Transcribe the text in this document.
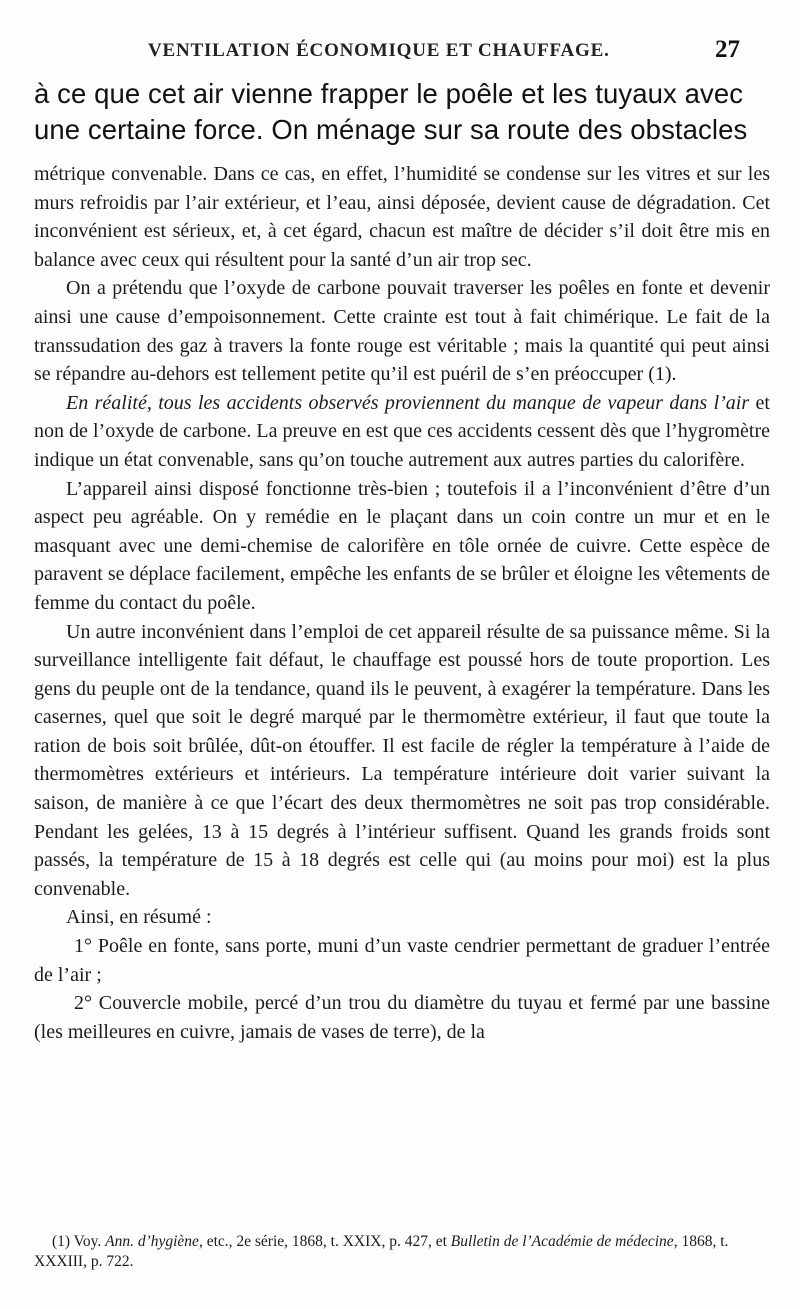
VENTILATION ÉCONOMIQUE ET CHAUFFAGE.	27
à ce que cet air vienne frapper le poêle et les tuyaux avec
une certaine force. On ménage sur sa route des obstacles

métrique convenable. Dans ce cas, en effet, l’humidité se condense sur les vitres et sur les murs refroidis par l’air extérieur, et l’eau, ainsi déposée, devient cause de dégradation. Cet inconvénient est sérieux, et, à cet égard, chacun est maître de décider s’il doit être mis en balance avec ceux qui résultent pour la santé d’un air trop sec.

On a prétendu que l’oxyde de carbone pouvait traverser les poêles en fonte et devenir ainsi une cause d’empoisonnement. Cette crainte est tout à fait chimérique. Le fait de la transsudation des gaz à travers la fonte rouge est véritable ; mais la quantité qui peut ainsi se répandre au-dehors est tellement petite qu’il est puéril de s’en préoccuper (1).

En réalité, tous les accidents observés proviennent du manque de vapeur dans l’air et non de l’oxyde de carbone. La preuve en est que ces accidents cessent dès que l’hygromètre indique un état convenable, sans qu’on touche autrement aux autres parties du calorifère.

L’appareil ainsi disposé fonctionne très-bien ; toutefois il a l’inconvénient d’être d’un aspect peu agréable. On y remédie en le plaçant dans un coin contre un mur et en le masquant avec une demi-chemise de calorifère en tôle ornée de cuivre. Cette espèce de paravent se déplace facilement, empêche les enfants de se brûler et éloigne les vêtements de femme du contact du poêle.

Un autre inconvénient dans l’emploi de cet appareil résulte de sa puissance même. Si la surveillance intelligente fait défaut, le chauffage est poussé hors de toute proportion. Les gens du peuple ont de la tendance, quand ils le peuvent, à exagérer la température. Dans les casernes, quel que soit le degré marqué par le thermomètre extérieur, il faut que toute la ration de bois soit brûlée, dût-on étouffer. Il est facile de régler la température à l’aide de thermomètres extérieurs et intérieurs. La température intérieure doit varier suivant la saison, de manière à ce que l’écart des deux thermomètres ne soit pas trop considérable. Pendant les gelées, 13 à 15 degrés à l’intérieur suffisent. Quand les grands froids sont passés, la température de 15 à 18 degrés est celle qui (au moins pour moi) est la plus convenable.

Ainsi, en résumé :

1° Poêle en fonte, sans porte, muni d’un vaste cendrier permettant de graduer l’entrée de l’air ;

2° Couvercle mobile, percé d’un trou du diamètre du tuyau et fermé par une bassine (les meilleures en cuivre, jamais de vases de terre), de la

(1) Voy. Ann. d’hygiène, etc., 2e série, 1868, t. XXIX, p. 427, et Bulletin de l’Académie de médecine, 1868, t. XXXIII, p. 722.
